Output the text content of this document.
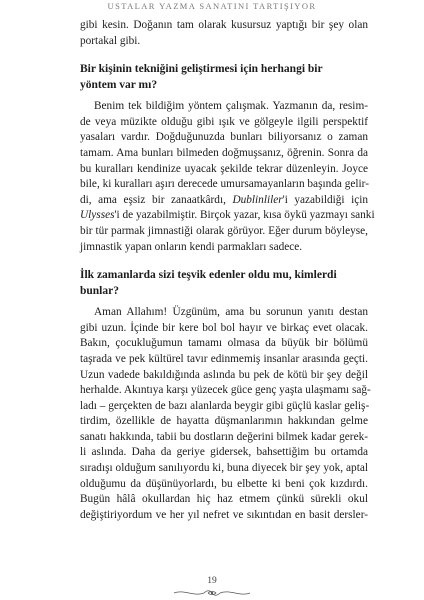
USTALAR YAZMA SANATINI TARTIŞIYOR
gibi kesin. Doğanın tam olarak kusursuz yaptığı bir şey olan
portakal gibi.
Bir kişinin tekniğini geliştirmesi için herhangi bir
yöntem var mı?
Benim tek bildiğim yöntem çalışmak. Yazmanın da, resim-
de veya müzikte olduğu gibi ışık ve gölgeyle ilgili perspektif
yasaları vardır. Doğduğunuzda bunları biliyorsanız o zaman
tamam. Ama bunları bilmeden doğmuşsanız, öğrenin. Sonra da
bu kuralları kendinize uyacak şekilde tekrar düzenleyin. Joyce
bile, ki kuralları aşırı derecede umursamayanların başında gelir-
di, ama eşsiz bir zanaatkârdı, Dublinliler'i yazabildiği için
Ulysses'i de yazabilmiştir. Birçok yazar, kısa öykü yazmayı sanki
bir tür parmak jimnastiği olarak görüyor. Eğer durum böyleyse,
jimnastik yapan onların kendi parmakları sadece.
İlk zamanlarda sizi teşvik edenler oldu mu, kimlerdi
bunlar?
Aman Allahım! Üzgünüm, ama bu sorunun yanıtı destan
gibi uzun. İçinde bir kere bol bol hayır ve birkaç evet olacak.
Bakın, çocukluğumun tamamı olmasa da büyük bir bölümü
taşrada ve pek kültürel tavır edinmemiş insanlar arasında geçti.
Uzun vadede bakıldığında aslında bu pek de kötü bir şey değil
herhalde. Akıntıya karşı yüzecek güce genç yaşta ulaşmamı sağ-
ladı – gerçekten de bazı alanlarda beygir gibi güçlü kaslar geliş-
tirdim, özellikle de hayatta düşmanlarımın hakkından gelme
sanatı hakkında, tabii bu dostların değerini bilmek kadar gerek-
li aslında. Daha da geriye gidersek, bahsettiğim bu ortamda
sıradışı olduğum sanılıyordu ki, buna diyecek bir şey yok, aptal
olduğumu da düşünüyorlardı, bu elbette ki beni çok kızdırdı.
Bugün hâlâ okullardan hiç haz etmem çünkü sürekli okul
değiştiriyordum ve her yıl nefret ve sıkıntıdan en basit dersler-
19
